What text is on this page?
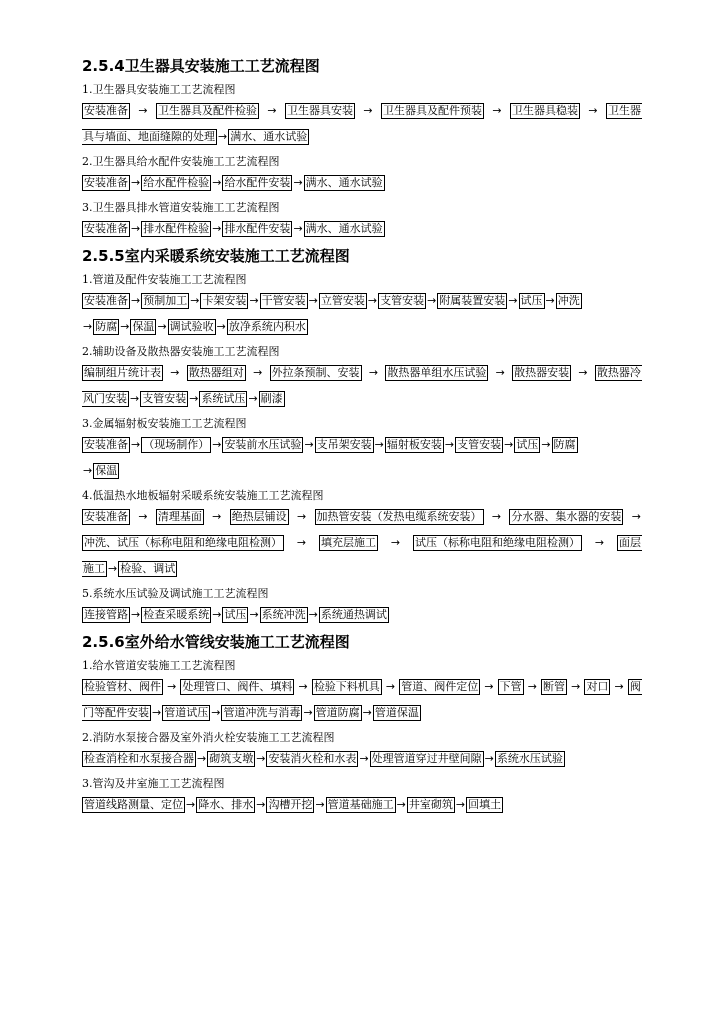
2.5.4卫生器具安装施工工艺流程图
1.卫生器具安装施工工艺流程图
安装准备 → 卫生器具及配件检验 → 卫生器具安装 → 卫生器具及配件预装 → 卫生器具稳装 → 卫生器
具与墙面、地面缝隙的处理 → 满水、通水试验
2.卫生器具给水配件安装施工工艺流程图
安装准备 → 给水配件检验 → 给水配件安装 → 满水、通水试验
3.卫生器具排水管道安装施工工艺流程图
安装准备 → 排水配件检验 → 排水配件安装 → 满水、通水试验
2.5.5室内采暖系统安装施工工艺流程图
1.管道及配件安装施工工艺流程图
安装准备 → 预制加工 → 卡架安装 → 干管安装 → 立管安装 → 支管安装 → 附属装置安装 → 试压 → 冲洗
→ 防腐 → 保温 → 调试验收 → 放净系统内积水
2.辅助设备及散热器安装施工工艺流程图
编制组片统计表 → 散热器组对 → 外拉条预制、安装 → 散热器单组水压试验 → 散热器安装 → 散热器冷
风门安装 → 支管安装 → 系统试压 → 刷漆
3.金属辐射板安装施工工艺流程图
安装准备 → （现场制作） → 安装前水压试验 → 支吊架安装 → 辐射板安装 → 支管安装 → 试压 → 防腐
→ 保温
4.低温热水地板辐射采暖系统安装施工工艺流程图
安装准备 → 清理基面 → 绝热层铺设 → 加热管安装（发热电缆系统安装） → 分水器、集水器的安装 →
冲洗、试压（标称电阻和绝缘电阻检测） → 填充层施工 → 试压（标称电阻和绝缘电阻检测） → 面层
施工 → 检验、调试
5.系统水压试验及调试施工工艺流程图
连接管路 → 检查采暖系统 → 试压 → 系统冲洗 → 系统通热调试
2.5.6室外给水管线安装施工工艺流程图
1.给水管道安装施工工艺流程图
检验管材、阀件 → 处理管口、阀件、填料 → 检验下料机具 → 管道、阀件定位 → 下管 → 断管 → 对口 → 阀
门等配件安装 → 管道试压 → 管道冲洗与消毒 → 管道防腐 → 管道保温
2.消防水泵接合器及室外消火栓安装施工工艺流程图
检查消栓和水泵接合器 → 砌筑支墩 → 安装消火栓和水表 → 处理管道穿过井壁间隙 → 系统水压试验
3.管沟及井室施工工艺流程图
管道线路测量、定位 → 降水、排水 → 沟槽开挖 → 管道基础施工 → 井室砌筑 → 回填土
